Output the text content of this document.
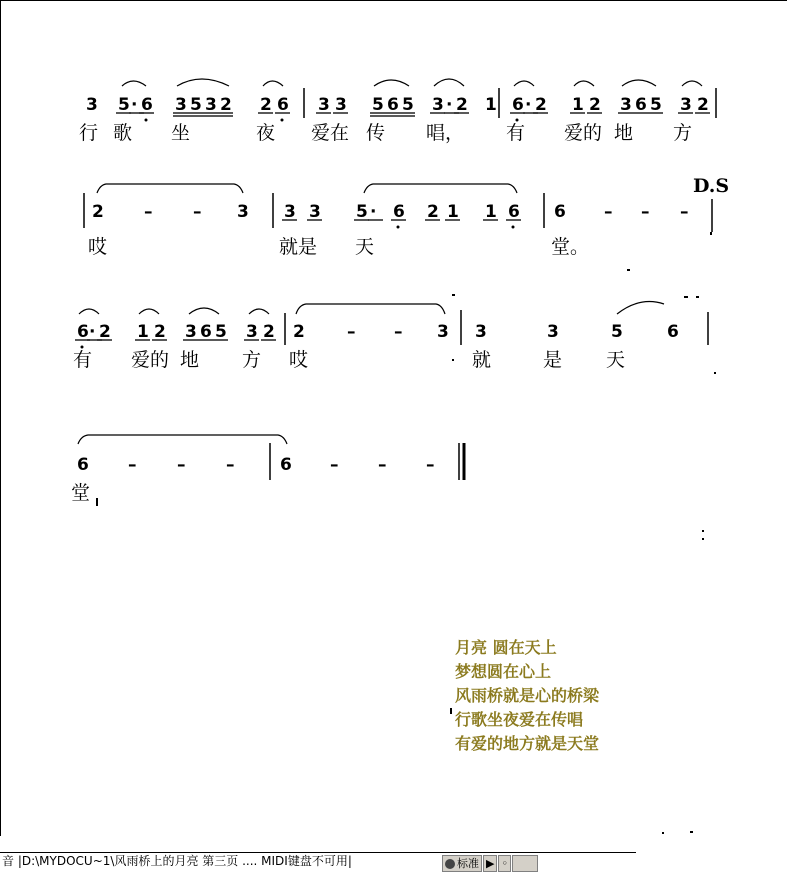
3 5 · 6 3 5 3 2 2 6 3 3 5 6 5 3 · 2 1 6 · 2 1 2 3 6 5 3 2
2 – – 3 3 3 5 · 6 2 1 1 6 6 – – –
6 · 2 1 2 3 6 5 3 2 2 – – 3 3	3	5	6
6 – – –	6 – – –
行 歌 坐	夜 爱在 传 唱， 有 爱的 地 方
哎	就是 天	堂。
有 爱的 地 方 哎	就	是 天
堂
D.S
月亮 圆在天上
梦想圆在心上
风雨桥就是心的桥梁
行歌坐夜爱在传唱
有爱的地方就是天堂
音 |D:\MYDOCU~1\风雨桥上的月亮 第三页 .... MIDI键盘不可用|	标准 ▶ ◦
